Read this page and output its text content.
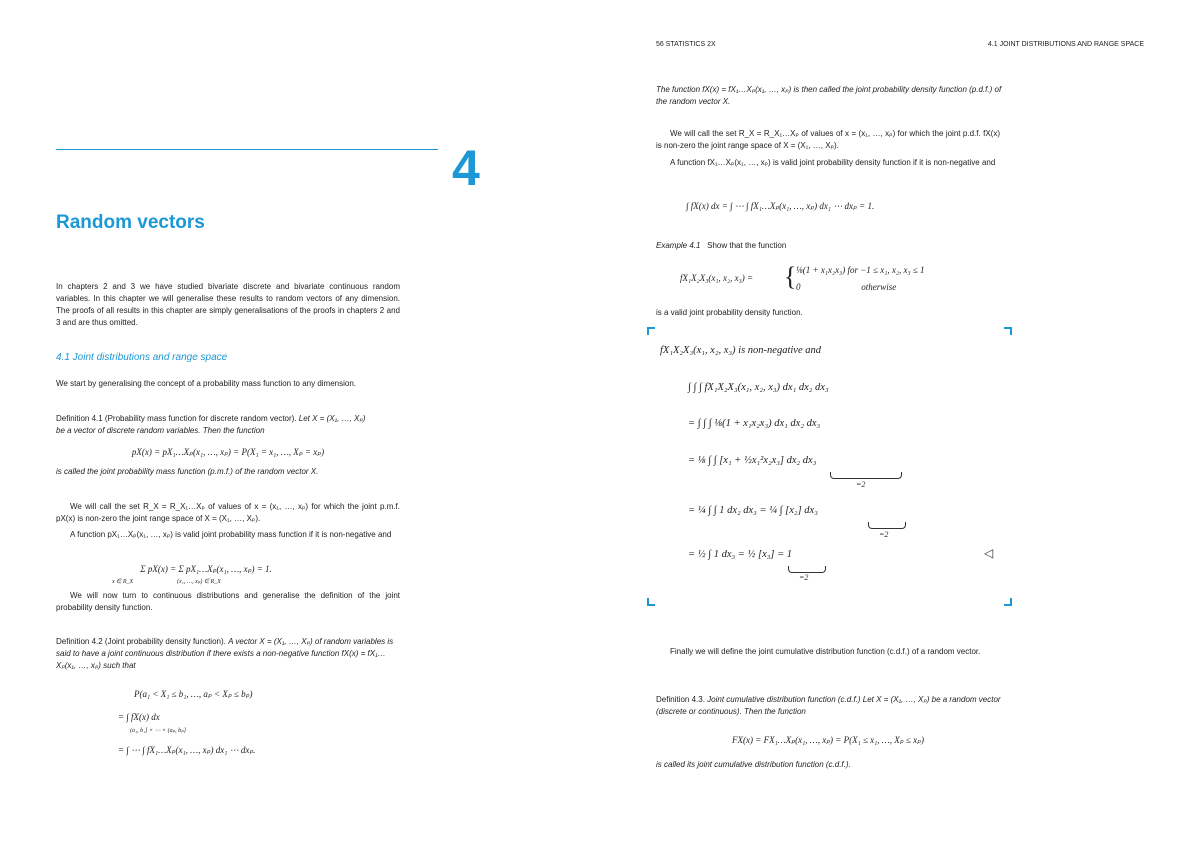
4
Random vectors
In chapters 2 and 3 we have studied bivariate discrete and bivariate continuous random variables. In this chapter we will generalise these results to random vectors of any dimension. The proofs of all results in this chapter are simply generalisations of the proofs in chapters 2 and 3 and are thus omitted.
4.1 Joint distributions and range space
We start by generalising the concept of a probability mass function to any dimension.
Definition 4.1 (Probability mass function for discrete random vector). Let X = (X₁, …, Xₚ)
be a vector of discrete random variables. Then the function
pX(x) = pX₁…Xₚ(x₁, …, xₚ) = P(X₁ = x₁, …, Xₚ = xₚ)
is called the joint probability mass function (p.m.f.) of the random vector X.
We will call the set R_X = R_X₁…Xₚ of values of x = (x₁, …, xₚ) for which the joint p.m.f. pX(x) is non-zero the joint range space of X = (X₁, …, Xₚ).
A function pX₁…Xₚ(x₁, …, xₚ) is valid joint probability mass function if it is non-negative and
Σ pX(x) = Σ pX₁…Xₚ(x₁, …, xₚ) = 1.
x ∈ R_X	(x₁, …, xₚ) ∈ R_X
We will now turn to continuous distributions and generalise the definition of the joint probability density function.
Definition 4.2 (Joint probability density function). A vector X = (X₁, …, Xₚ) of random variables is said to have a joint continuous distribution if there exists a non-negative function fX(x) = fX₁…Xₚ(x₁, …, xₚ) such that
P(a₁ < X₁ ≤ b₁, …, aₚ < Xₚ ≤ bₚ)
= ∫ fX(x) dx
(a₁, b₁] × ⋯ × (aₚ, bₚ]
= ∫ ⋯ ∫ fX₁…Xₚ(x₁, …, xₚ) dx₁ ⋯ dxₚ.
56 STATISTICS 2X	4.1 JOINT DISTRIBUTIONS AND RANGE SPACE
The function fX(x) = fX₁…Xₚ(x₁, …, xₚ) is then called the joint probability density function (p.d.f.) of the random vector X.
We will call the set R_X = R_X₁…Xₚ of values of x = (x₁, …, xₚ) for which the joint p.d.f. fX(x) is non-zero the joint range space of X = (X₁, …, Xₚ).
A function fX₁…Xₚ(x₁, …, xₚ) is valid joint probability density function if it is non-negative and
∫ fX(x) dx = ∫ ⋯ ∫ fX₁…Xₚ(x₁, …, xₚ) dx₁ ⋯ dxₚ = 1.
Example 4.1 Show that the function
fX₁X₂X₃(x₁, x₂, x₃) = { ⅛(1 + x₁x₂x₃) for −1 ≤ x₁, x₂, x₃ ≤ 1
0                           otherwise
is a valid joint probability density function.
fX₁X₂X₃(x₁, x₂, x₃) is non-negative and
∫ ∫ ∫ fX₁X₂X₃(x₁, x₂, x₃) dx₁ dx₂ dx₃
= ∫ ∫ ∫ ⅛(1 + x₁x₂x₃) dx₁ dx₂ dx₃
= ⅛ ∫ ∫ [x₁ + ½x₁²x₂x₃] dx₂ dx₃
=2
= ¼ ∫ ∫ 1 dx₂ dx₃ = ¼ ∫ [x₂] dx₃
=2
= ½ ∫ 1 dx₃ = ½ [x₃] = 1
=2
◁
Finally we will define the joint cumulative distribution function (c.d.f.) of a random vector.
Definition 4.3. Joint cumulative distribution function (c.d.f.) Let X = (X₁, …, Xₚ) be a random vector (discrete or continuous). Then the function
FX(x) = FX₁…Xₚ(x₁, …, xₚ) = P(X₁ ≤ x₁, …, Xₚ ≤ xₚ)
is called its joint cumulative distribution function (c.d.f.).
